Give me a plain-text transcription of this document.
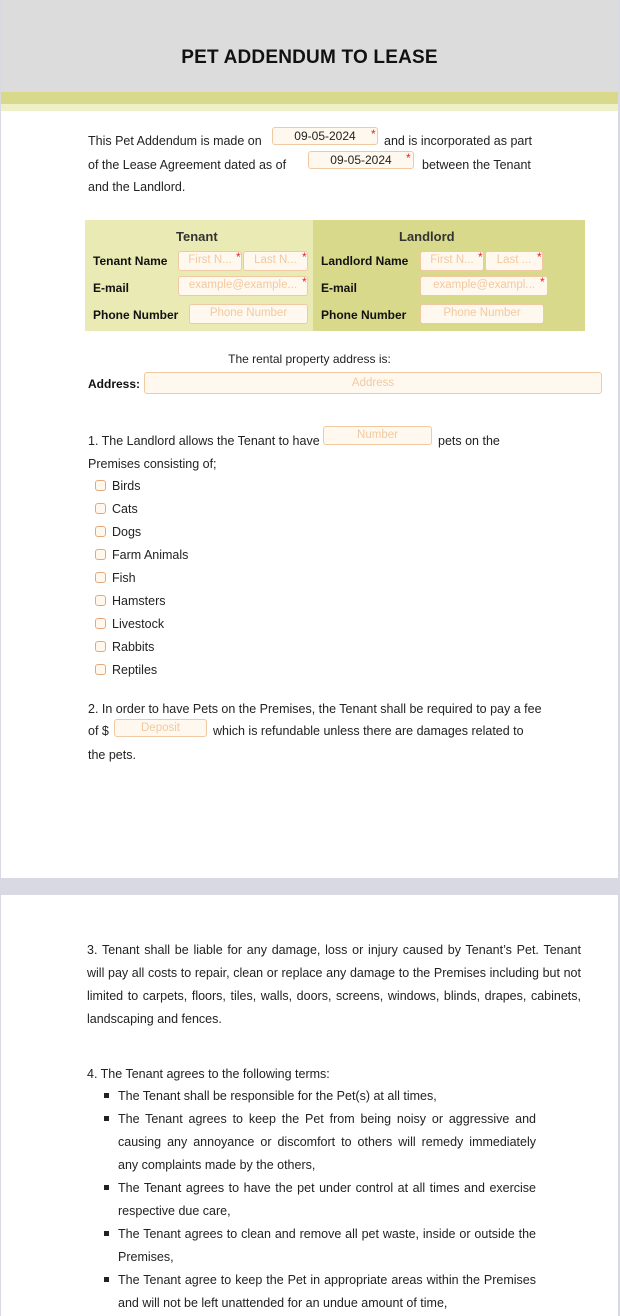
PET ADDENDUM TO LEASE
This Pet Addendum is made on	09-05-2024	* and is incorporated as part
of the Lease Agreement dated as of	09-05-2024	* between the Tenant
and the Landlord.
Tenant	Landlord
Tenant Name	First N... *	Last N... *
E-mail	example@example... *
Phone Number	Phone Number
Landlord Name	First N... *	Last ... *
E-mail	example@exampl... *
Phone Number	Phone Number
The rental property address is:
Address:	Address
1. The Landlord allows the Tenant to have	Number	pets on the
Premises consisting of;
Birds
Cats
Dogs
Farm Animals
Fish
Hamsters
Livestock
Rabbits
Reptiles
2. In order to have Pets on the Premises, the Tenant shall be required to pay a fee
of $	Deposit	which is refundable unless there are damages related to
the pets.
3. Tenant shall be liable for any damage, loss or injury caused by Tenant’s Pet. Tenant will pay all costs to repair, clean or replace any damage to the Premises including but not limited to carpets, floors, tiles, walls, doors, screens, windows, blinds, drapes, cabinets, landscaping and fences.
4. The Tenant agrees to the following terms:
The Tenant shall be responsible for the Pet(s) at all times,
The Tenant agrees to keep the Pet from being noisy or aggressive and causing any annoyance or discomfort to others will remedy immediately any complaints made by the others,
The Tenant agrees to have the pet under control at all times and exercise respective due care,
The Tenant agrees to clean and remove all pet waste, inside or outside the Premises,
The Tenant agree to keep the Pet in appropriate areas within the Premises and will not be left unattended for an undue amount of time,
